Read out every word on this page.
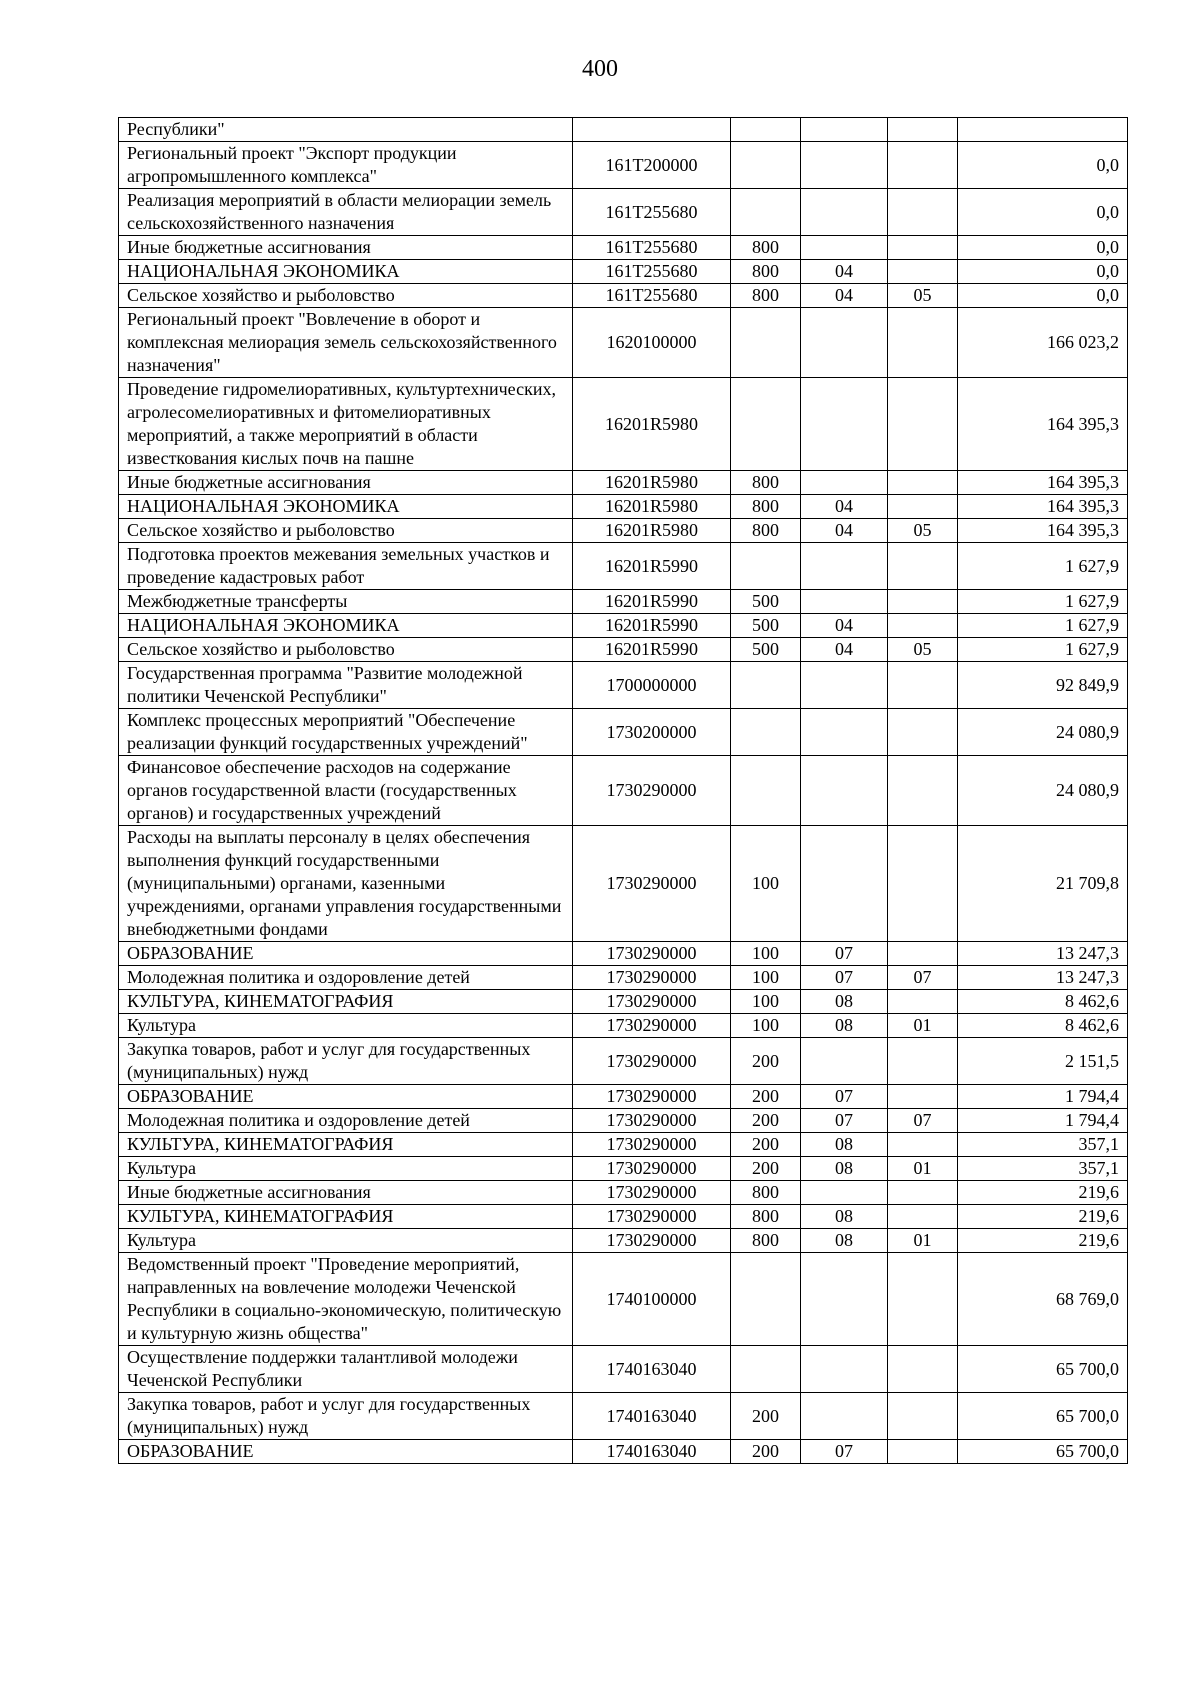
400
Республики"					
Региональный проект "Экспорт продукции агропромышленного комплекса"	161Т200000				0,0
Реализация мероприятий в области мелиорации земель сельскохозяйственного назначения	161Т255680				0,0
Иные бюджетные ассигнования	161Т255680	800			0,0
НАЦИОНАЛЬНАЯ ЭКОНОМИКА	161Т255680	800	04		0,0
Сельское хозяйство и рыболовство	161Т255680	800	04	05	0,0
Региональный проект "Вовлечение в оборот и комплексная мелиорация земель сельскохозяйственного назначения"	1620100000				166 023,2
Проведение гидромелиоративных, культуртехнических, агролесомелиоративных и фитомелиоративных мероприятий, а также мероприятий в области известкования кислых почв на пашне	16201R5980				164 395,3
Иные бюджетные ассигнования	16201R5980	800			164 395,3
НАЦИОНАЛЬНАЯ ЭКОНОМИКА	16201R5980	800	04		164 395,3
Сельское хозяйство и рыболовство	16201R5980	800	04	05	164 395,3
Подготовка проектов межевания земельных участков и проведение кадастровых работ	16201R5990				1 627,9
Межбюджетные трансферты	16201R5990	500			1 627,9
НАЦИОНАЛЬНАЯ ЭКОНОМИКА	16201R5990	500	04		1 627,9
Сельское хозяйство и рыболовство	16201R5990	500	04	05	1 627,9
Государственная программа "Развитие молодежной политики Чеченской Республики"	1700000000				92 849,9
Комплекс процессных мероприятий "Обеспечение реализации функций государственных учреждений"	1730200000				24 080,9
Финансовое обеспечение расходов на содержание органов государственной власти (государственных органов) и государственных учреждений	1730290000				24 080,9
Расходы на выплаты персоналу в целях обеспечения выполнения функций государственными (муниципальными) органами, казенными учреждениями, органами управления государственными внебюджетными фондами	1730290000	100			21 709,8
ОБРАЗОВАНИЕ	1730290000	100	07		13 247,3
Молодежная политика и оздоровление детей	1730290000	100	07	07	13 247,3
КУЛЬТУРА, КИНЕМАТОГРАФИЯ	1730290000	100	08		8 462,6
Культура	1730290000	100	08	01	8 462,6
Закупка товаров, работ и услуг для государственных (муниципальных) нужд	1730290000	200			2 151,5
ОБРАЗОВАНИЕ	1730290000	200	07		1 794,4
Молодежная политика и оздоровление детей	1730290000	200	07	07	1 794,4
КУЛЬТУРА, КИНЕМАТОГРАФИЯ	1730290000	200	08		357,1
Культура	1730290000	200	08	01	357,1
Иные бюджетные ассигнования	1730290000	800			219,6
КУЛЬТУРА, КИНЕМАТОГРАФИЯ	1730290000	800	08		219,6
Культура	1730290000	800	08	01	219,6
Ведомственный проект "Проведение мероприятий, направленных на вовлечение молодежи Чеченской Республики в социально-экономическую, политическую и культурную жизнь общества"	1740100000				68 769,0
Осуществление поддержки талантливой молодежи Чеченской Республики	1740163040				65 700,0
Закупка товаров, работ и услуг для государственных (муниципальных) нужд	1740163040	200			65 700,0
ОБРАЗОВАНИЕ	1740163040	200	07		65 700,0
